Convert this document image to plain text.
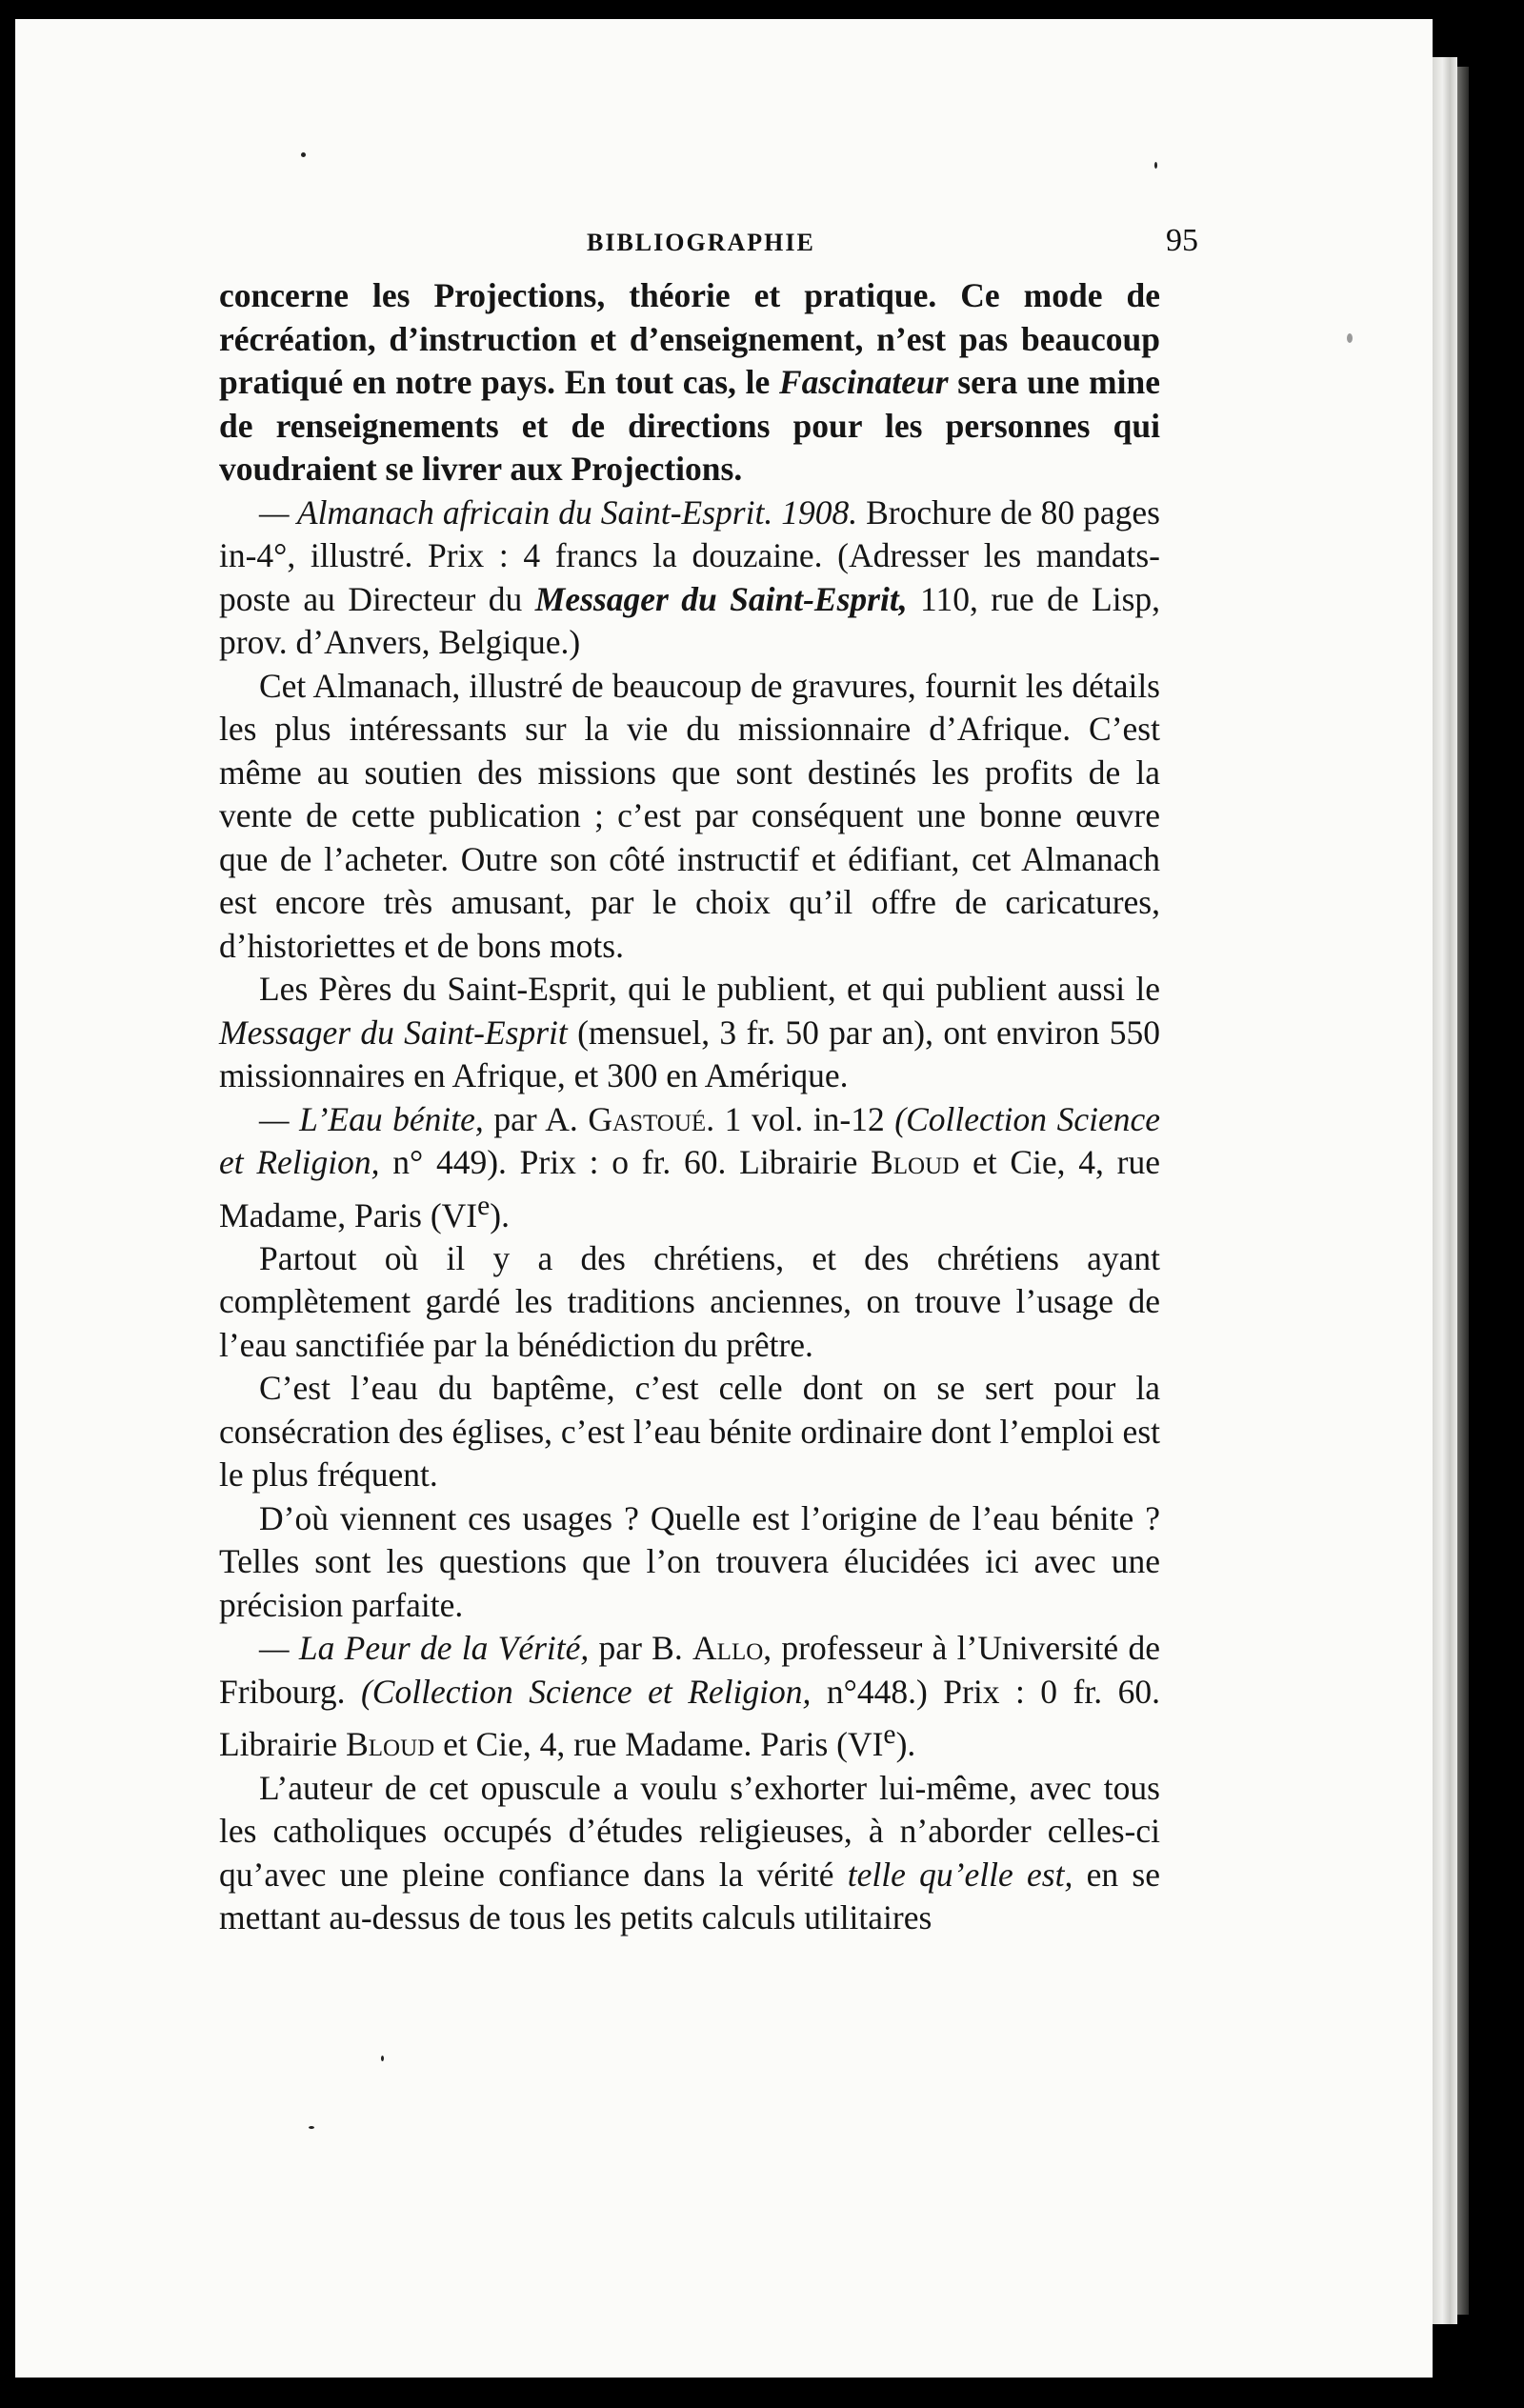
BIBLIOGRAPHIE	95

concerne les Projections, théorie et pratique. Ce mode de récréation, d’instruction et d’enseignement, n’est pas beaucoup pratiqué en notre pays. En tout cas, le Fascinateur sera une mine de renseignements et de directions pour les personnes qui voudraient se livrer aux Projections.

— Almanach africain du Saint-Esprit. 1908. Brochure de 80 pages in-4°, illustré. Prix : 4 francs la douzaine. (Adresser les mandats-poste au Directeur du Messager du Saint-Esprit, 110, rue de Lisp, prov. d’Anvers, Belgique.)

Cet Almanach, illustré de beaucoup de gravures, fournit les détails les plus intéressants sur la vie du missionnaire d’Afrique. C’est même au soutien des missions que sont destinés les profits de la vente de cette publication ; c’est par conséquent une bonne œuvre que de l’acheter. Outre son côté instructif et édifiant, cet Almanach est encore très amusant, par le choix qu’il offre de caricatures, d’historiettes et de bons mots.

Les Pères du Saint-Esprit, qui le publient, et qui publient aussi le Messager du Saint-Esprit (mensuel, 3 fr. 50 par an), ont environ 550 missionnaires en Afrique, et 300 en Amérique.

— L’Eau bénite, par A. Gastoué. 1 vol. in-12 (Collection Science et Religion, n° 449). Prix : o fr. 60. Librairie Bloud et Cie, 4, rue Madame, Paris (VIe).

Partout où il y a des chrétiens, et des chrétiens ayant complètement gardé les traditions anciennes, on trouve l’usage de l’eau sanctifiée par la bénédiction du prêtre.

C’est l’eau du baptême, c’est celle dont on se sert pour la consécration des églises, c’est l’eau bénite ordinaire dont l’emploi est le plus fréquent.

D’où viennent ces usages ? Quelle est l’origine de l’eau bénite ? Telles sont les questions que l’on trouvera élucidées ici avec une précision parfaite.

— La Peur de la Vérité, par B. Allo, professeur à l’Université de Fribourg. (Collection Science et Religion, n°448.) Prix : 0 fr. 60. Librairie Bloud et Cie, 4, rue Madame. Paris (VIe).

L’auteur de cet opuscule a voulu s’exhorter lui-même, avec tous les catholiques occupés d’études religieuses, à n’aborder celles-ci qu’avec une pleine confiance dans la vérité telle qu’elle est, en se mettant au-dessus de tous les petits calculs utilitaires
